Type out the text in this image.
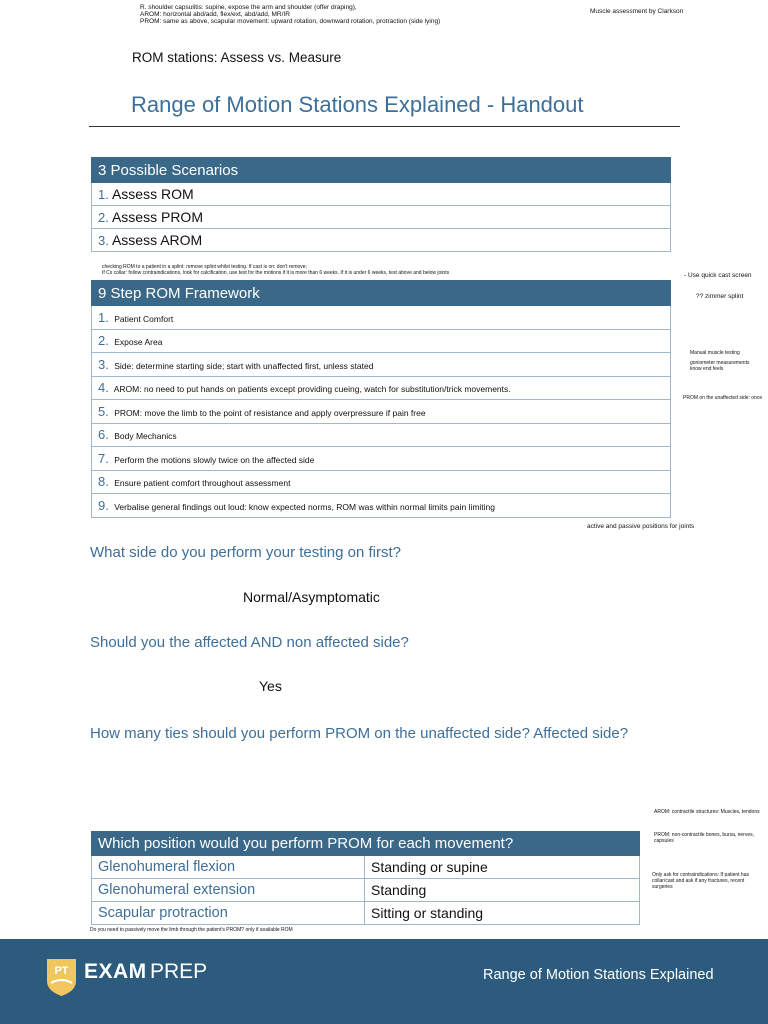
R. shoulder capsulitis: supine, expose the arm and shoulder (offer draping),
AROM: horizontal abd/add, flex/ext, abd/add, MR/IR
PROM: same as above, scapular movement: upward rotation, downward rotation, protraction (side lying)
Muscle assessment by Clarkson
ROM stations: Assess vs. Measure
Range of Motion Stations Explained - Handout
3 Possible Scenarios
1. Assess ROM
2. Assess PROM
3. Assess AROM
checking ROM to a patient in a splint: remove splint whilst testing. If cast is on: don't remove;
If Cx collar: follow contraindications, look for calcification, use test for the motions if it is more than 6 weeks. If it is under 6 weeks, test above and below joints	- Use quick cast screen
?? zimmer splint
Manual muscle testing
goniometer measurements
know end feels
PROM on the unaffected side: once
9 Step ROM Framework
1. Patient Comfort
2. Expose Area
3. Side: determine starting side; start with unaffected first, unless stated
4. AROM: no need to put hands on patients except providing cueing, watch for substitution/trick movements.
5. PROM: move the limb to the point of resistance and apply overpressure if pain free
6. Body Mechanics
7. Perform the motions slowly twice on the affected side
8. Ensure patient comfort throughout assessment
9. Verbalise general findings out loud: know expected norms, ROM was within normal limits pain limiting
active and passive positions for joints
What side do you perform your testing on first?
Normal/Asymptomatic
Should you the affected AND non affected side?
Yes
How many ties should you perform PROM on the unaffected side? Affected side?
AROM: contractile structures: Muscles, tendons
PROM: non-contractile bones, bursa, nerves, capsules
Only ask for contraindications: If patient has collar/cast and ask if any fractures, recent surgeries
Which position would you perform PROM for each movement?	
Glenohumeral flexion	Standing or supine
Glenohumeral extension	Standing
Scapular protraction	Sitting or standing
Do you need to passively move the limb through the patient's PROM? only if available ROM
PT EXAM PREP	Range of Motion Stations Explained
